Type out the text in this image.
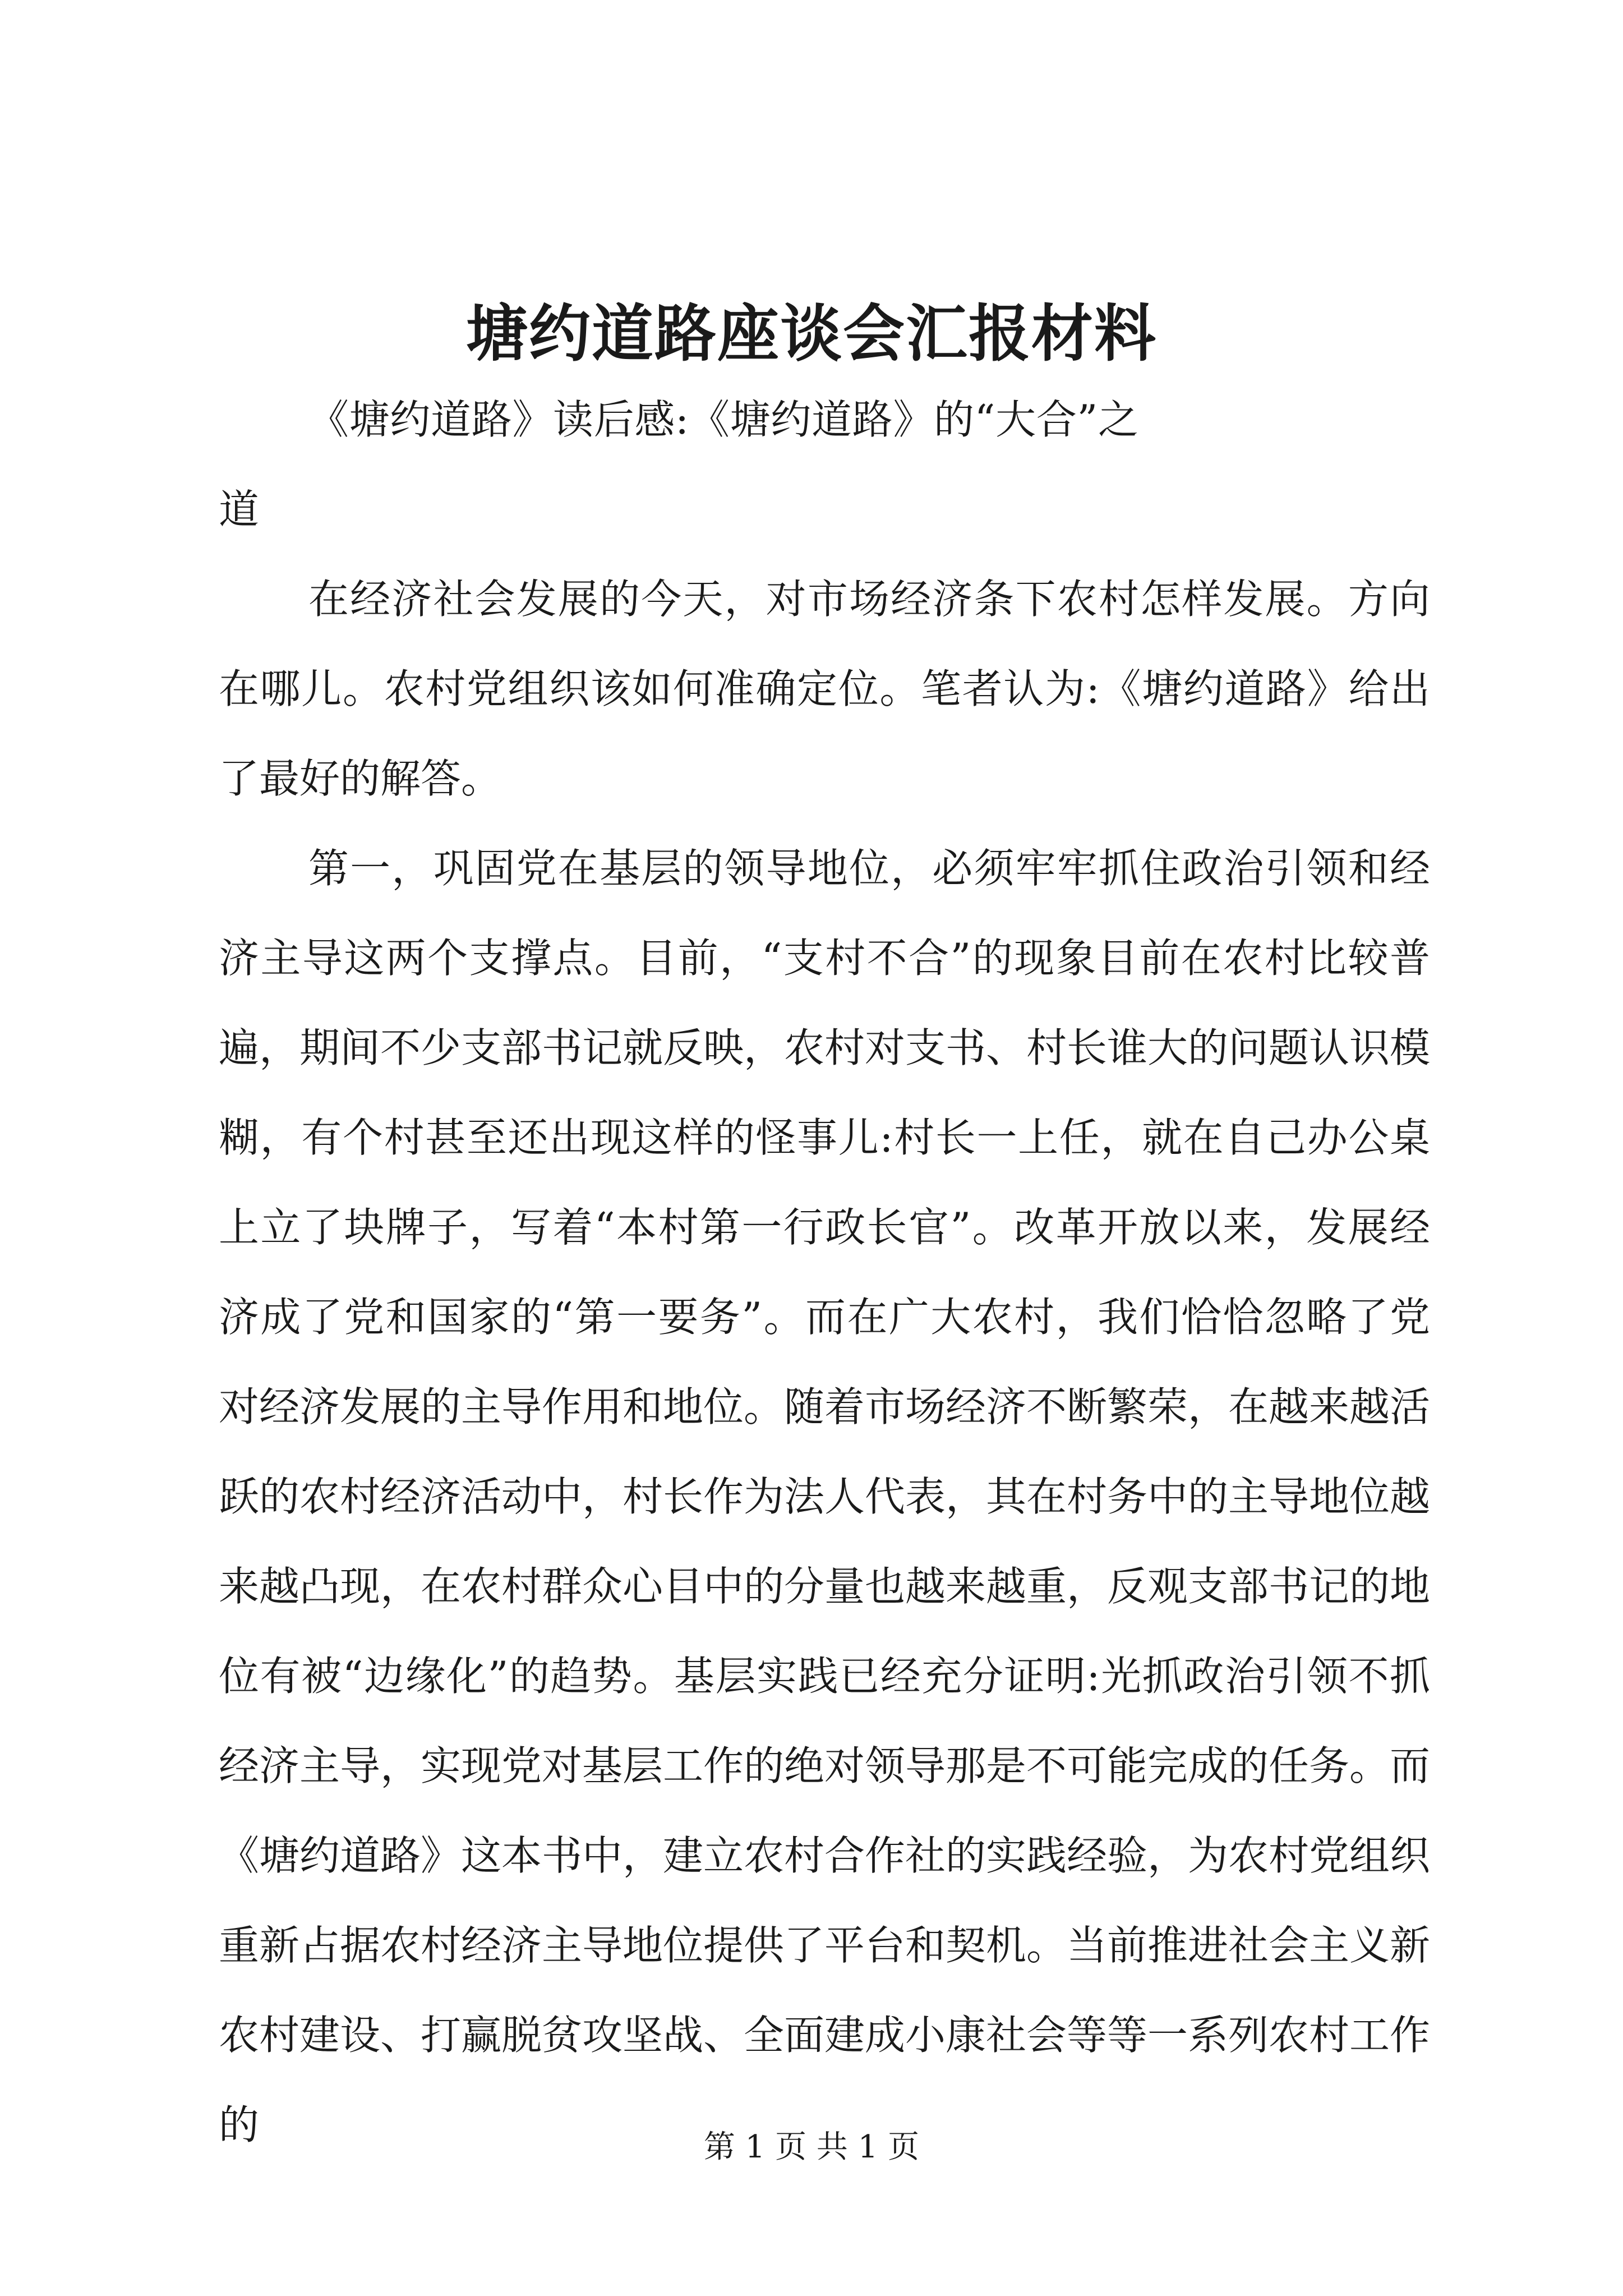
塘约道路座谈会汇报材料

《塘约道路》读后感:《塘约道路》的“大合”之道

在经济社会发展的今天，对市场经济条下农村怎样发展。方向在哪儿。农村党组织该如何准确定位。笔者认为:《塘约道路》给出了最好的解答。

第一，巩固党在基层的领导地位，必须牢牢抓住政治引领和经济主导这两个支撑点。目前，“支村不合”的现象目前在农村比较普遍，期间不少支部书记就反映，农村对支书、村长谁大的问题认识模糊，有个村甚至还出现这样的怪事儿:村长一上任，就在自己办公桌上立了块牌子，写着“本村第一行政长官”。改革开放以来，发展经济成了党和国家的“第一要务”。而在广大农村，我们恰恰忽略了党对经济发展的主导作用和地位。随着市场经济不断繁荣，在越来越活跃的农村经济活动中，村长作为法人代表，其在村务中的主导地位越来越凸现，在农村群众心目中的分量也越来越重，反观支部书记的地位有被“边缘化”的趋势。基层实践已经充分证明:光抓政治引领不抓经济主导，实现党对基层工作的绝对领导那是不可能完成的任务。而《塘约道路》这本书中，建立农村合作社的实践经验，为农村党组织重新占据农村经济主导地位提供了平台和契机。当前推进社会主义新农村建设、打赢脱贫攻坚战、全面建成小康社会等等一系列农村工作的	第 1 页 共 1 页
